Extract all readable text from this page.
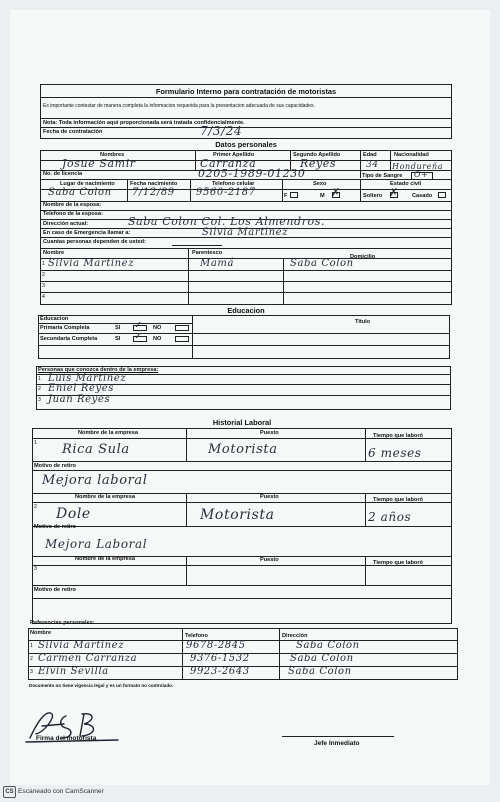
Formulario Interno para contratación de motoristas
Es importante contestar de manera completa la informacion requerida para la presentacion adecuada de sus capacidades.
Nota: Toda información aquí proporcionada será tratada confidencialmente.
Fecha de contratación	7/3/24
Datos personales
Nombres	Primer Apellido	Segundo Apellido	Edad	Nacionalidad
Josue Samir	Carranza	Reyes	34 Hondureña
No. de licencia	0205-1989-01230	Tipo de Sangre O+
Lugar de nacimiento	Fecha nacimiento	Telefono celular	Sexo	Estado civil
Saba Colon 7/12/89 9560-2187	F	M ✗	Soltero ✗ Casado
Nombre de la esposa:
Telefono de la esposa:
Dirección actual:	Saba Colon Col. Los Almendros.
En caso de Emergencia llamar a:	Silvia Martinez
Cuantas personas dependen de usted:
Nombre	Parentesco
Domicilio
1 Silvia Martinez	Mamá	Saba Colon
2
3
4
Educacion
Educacion	Titulo
Primaria Completa	SI ✓ NO
Secundaria Completa	SI ✓ NO
Personas que conozca dentro de la empresa:
1 Luis Martinez
2 Eniel Reyes
3 Juan Reyes
Historial Laboral
Nombre de la empresa	Puesto	Tiempo que laboró
1 Rica Sula	Motorista	6 meses
Motivo de retiro
Mejora laboral
Nombre de la empresa	Puesto	Tiempo que laboró
2 Dole	Motorista	2 años
Motivo de retiro
Mejora Laboral
Nombre de la empresa	Puesto	Tiempo que laboró
3
Motivo de retiro
Referencias personales:
Nombre	Telefono	Dirección
1 Silvia Martinez	9678-2845	Saba Colon
2 Carmen Carranza	9376-1532	Saba Colon
3 Elvin Sevilla	9923-2643	Saba Colon
Documento no tiene vigencia legal y es un formato no controlado.
Firma del motorista
Jefe Inmediato
CS Escaneado con CamScanner
